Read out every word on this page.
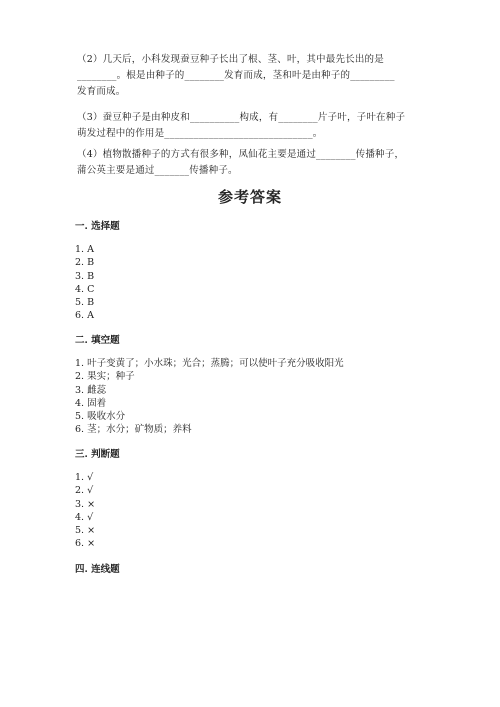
（2）几天后，小科发现蚕豆种子长出了根、茎、叶，其中最先长出的是

________。根是由种子的________发育而成，茎和叶是由种子的_________

发育而成。

（3）蚕豆种子是由种皮和__________构成，有________片子叶，子叶在种子

萌发过程中的作用是______________________________。

（4）植物散播种子的方式有很多种，凤仙花主要是通过________传播种子，

蒲公英主要是通过_______传播种子。

参考答案
一. 选择题
1. A
2. B
3. B
4. C
5. B
6. A
二. 填空题
1. 叶子变黄了；小水珠；光合；蒸腾；可以使叶子充分吸收阳光
2. 果实；种子
3. 雌蕊
4. 固着
5. 吸收水分
6. 茎；水分；矿物质；养料
三. 判断题
1. √
2. √
3. ×
4. √
5. ×
6. ×
四. 连线题
